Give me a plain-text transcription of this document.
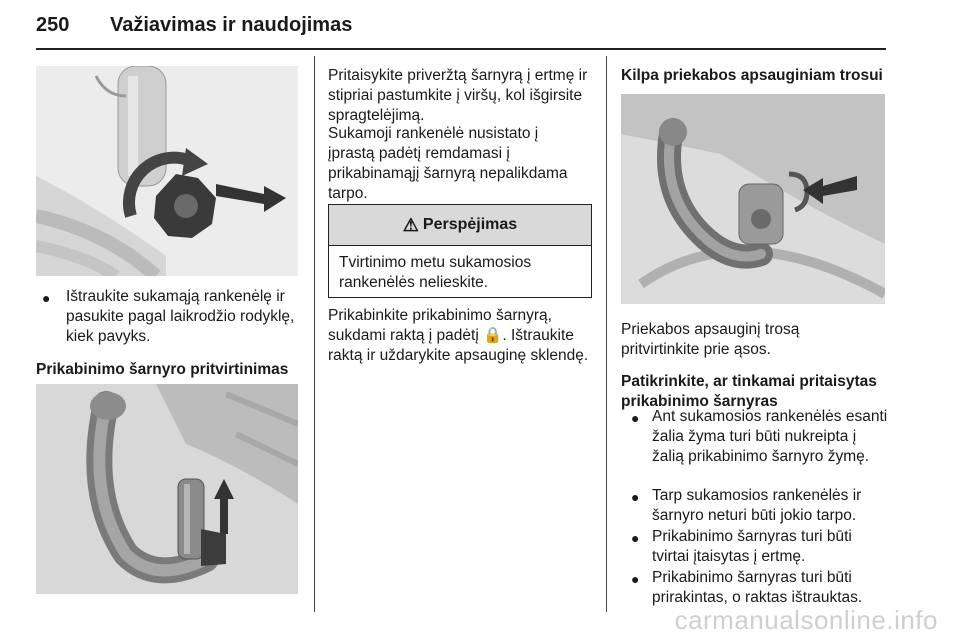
250 Važiavimas ir naudojimas
● Ištraukite sukamąją rankenėlę ir pasukite pagal laikrodžio rodyklę, kiek pavyks.
Prikabinimo šarnyro pritvirtinimas
Pritaisykite priveržtą šarnyrą į ertmę ir stipriai pastumkite į viršų, kol išgirsite spragtelėjimą.
Sukamoji rankenėlė nusistato į įprastą padėtį remdamasi į prikabinamąjį šarnyrą nepalikdama tarpo.
⚠ Perspėjimas
Tvirtinimo metu sukamosios rankenėlės nelieskite.
Prikabinkite prikabinimo šarnyrą, sukdami raktą į padėtį 🔒. Ištraukite raktą ir uždarykite apsauginę sklendę.
Kilpa priekabos apsauginiam trosui
Priekabos apsauginį trosą pritvirtinkite prie ąsos.
Patikrinkite, ar tinkamai pritaisytas prikabinimo šarnyras
● Ant sukamosios rankenėlės esanti žalia žyma turi būti nukreipta į žalią prikabinimo šarnyro žymę.
● Tarp sukamosios rankenėlės ir šarnyro neturi būti jokio tarpo.
● Prikabinimo šarnyras turi būti tvirtai įtaisytas į ertmę.
● Prikabinimo šarnyras turi būti prirakintas, o raktas ištrauktas.
carmanualsonline.info
